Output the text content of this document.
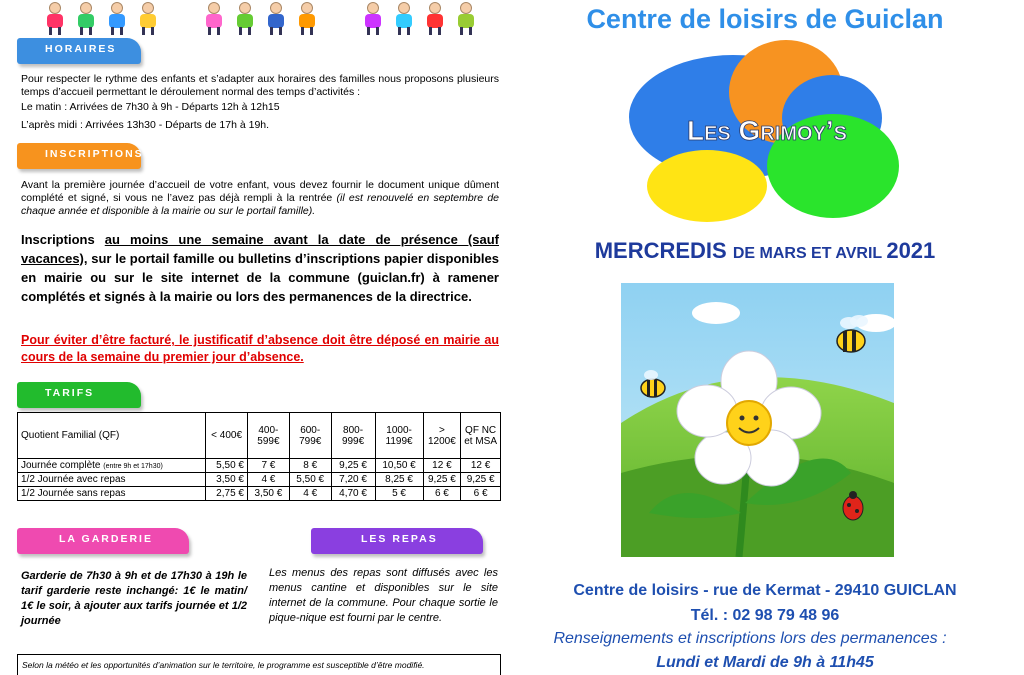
HORAIRES
Pour respecter le rythme des enfants et s’adapter aux horaires des familles nous proposons plusieurs temps d’accueil permettant le déroulement normal des temps d’activités :
Le matin : Arrivées de 7h30 à 9h - Départs 12h à 12h15
L’après midi : Arrivées 13h30 - Départs de 17h à 19h.
INSCRIPTIONS
Avant la première journée d’accueil de votre enfant, vous devez fournir le document unique dûment complété et signé, si vous ne l’avez pas déjà rempli à la rentrée (il est renouvelé en septembre de chaque année et disponible à la mairie ou sur le portail famille).
Inscriptions au moins une semaine avant la date de présence (sauf vacances), sur le portail famille ou bulletins d’inscriptions papier disponibles en mairie ou sur le site internet de la commune (guiclan.fr) à ramener complétés et signés à la mairie ou lors des permanences de la directrice.
Pour éviter d’être facturé, le justificatif d’absence doit être déposé en mairie au cours de la semaine du premier jour d’absence.
TARIFS
Quotient Familial (QF)	< 400€	400-599€	600-799€	800-999€	1000-1199€	> 1200€	QF NC et MSA
Journée complète (entre 9h et 17h30)	5,50 €	7 €	8 €	9,25 €	10,50 €	12 €	12 €
1/2 Journée avec repas	3,50 €	4 €	5,50 €	7,20 €	8,25 €	9,25 €	9,25 €
1/2 Journée sans repas	2,75 €	3,50 €	4 €	4,70 €	5 €	6 €	6 €
LA GARDERIE	LES REPAS
Garderie de 7h30 à 9h et de 17h30 à 19h le tarif garderie reste inchangé: 1€ le matin/ 1€ le soir, à ajouter aux tarifs journée et 1/2 journée
Les menus des repas sont diffusés avec les menus cantine et disponibles sur le site internet de la commune. Pour chaque sortie le pique-nique est fourni par le centre.
Selon la météo et les opportunités d’animation sur le territoire, le programme est susceptible d’être modifié.
Centre de loisirs de Guiclan
Les Grimoy’s
MERCREDIS DE MARS ET AVRIL 2021
Centre de loisirs - rue de Kermat - 29410 GUICLAN
Tél. : 02 98 79 48 96
Renseignements et inscriptions lors des permanences :
Lundi et Mardi de 9h à 11h45
